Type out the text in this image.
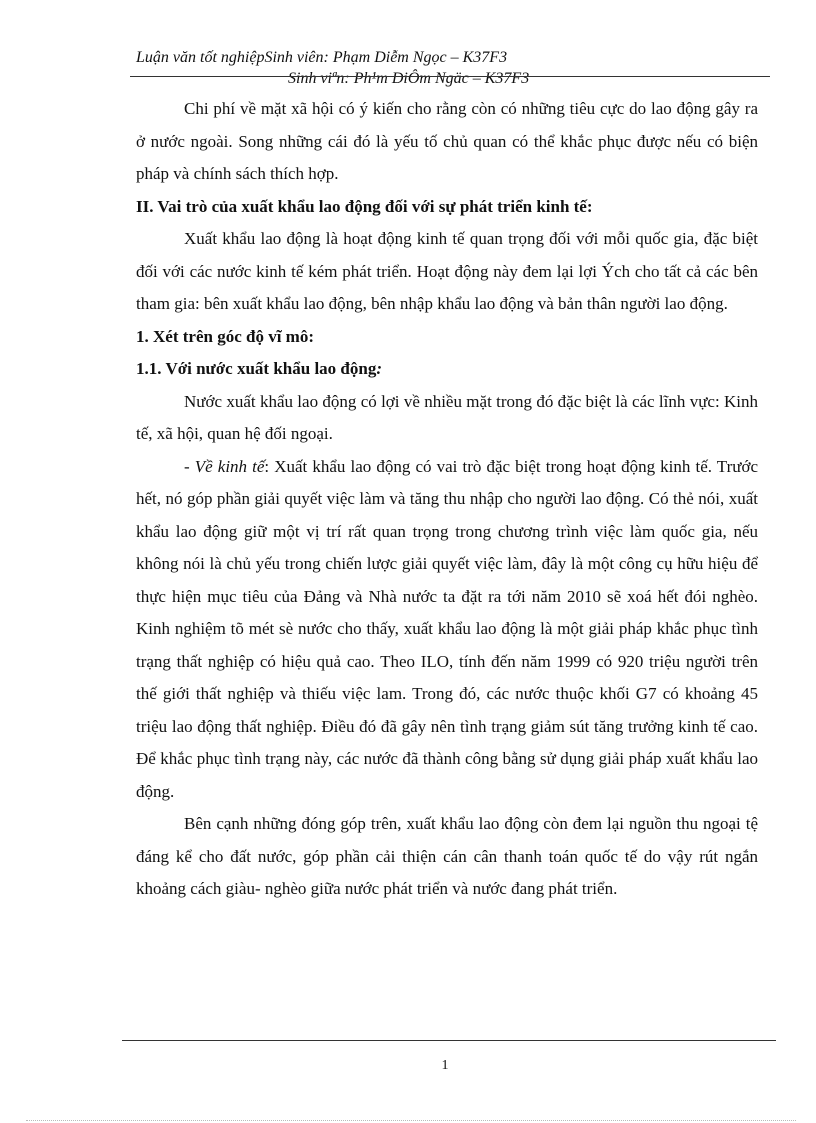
Luận văn tốt nghiệpSinh viên: Phạm Diễm Ngọc – K37F3
Sinh viªn: Ph¹m DiÔm Ngäc – K37F3

Chi phí về mặt xã hội có ý kiến cho rằng còn có những tiêu cực do lao động gây ra ở nước ngoài. Song những cái đó là yếu tố chủ quan có thể khắc phục được nếu có biện pháp và chính sách thích hợp.

II. Vai trò của xuất khẩu lao động đối với sự phát triển kinh tế:

Xuất khẩu lao động là hoạt động kinh tế quan trọng đối với mỗi quốc gia, đặc biệt đối với các nước kinh tế kém phát triển. Hoạt động này đem lại lợi Ých cho tất cả các bên tham gia: bên xuất khẩu lao động, bên nhập khẩu lao động và bản thân người lao động.

1. Xét trên góc độ vĩ mô:
1.1. Với nước xuất khẩu lao động:

Nước xuất khẩu lao động có lợi về nhiều mặt trong đó đặc biệt là các lĩnh vực: Kinh tế, xã hội, quan hệ đối ngoại.

- Về kinh tế: Xuất khẩu lao động có vai trò đặc biệt trong hoạt động kinh tế. Trước hết, nó góp phần giải quyết việc làm và tăng thu nhập cho người lao động. Có thẻ nói, xuất khẩu lao động giữ một vị trí rất quan trọng trong chương trình việc làm quốc gia, nếu không nói là chủ yếu trong chiến lược giải quyết việc làm, đây là một công cụ hữu hiệu để thực hiện mục tiêu của Đảng và Nhà nước ta đặt ra tới năm 2010 sẽ xoá hết đói nghèo. Kinh nghiệm tõ mét sè nước cho thấy, xuất khẩu lao động là một giải pháp khắc phục tình trạng thất nghiệp có hiệu quả cao. Theo ILO, tính đến năm 1999 có 920 triệu người trên thế giới thất nghiệp và thiếu việc lam. Trong đó, các nước thuộc khối G7 có khoảng 45 triệu lao động thất nghiệp. Điều đó đã gây nên tình trạng giảm sút tăng trưởng kinh tế cao. Để khắc phục tình trạng này, các nước đã thành công bằng sử dụng giải pháp xuất khẩu lao động.

Bên cạnh những đóng góp trên, xuất khẩu lao động còn đem lại nguồn thu ngoại tệ đáng kể cho đất nước, góp phần cải thiện cán cân thanh toán quốc tế do vậy rút ngắn khoảng cách giàu- nghèo giữa nước phát triển và nước đang phát triển.

1
